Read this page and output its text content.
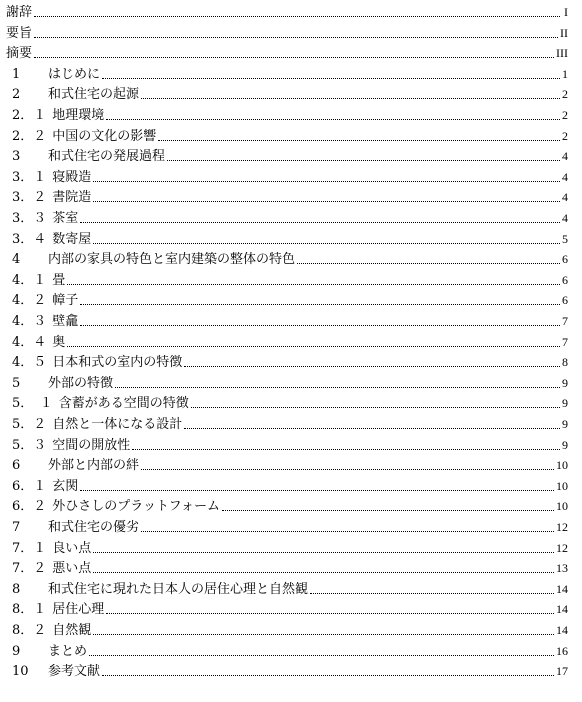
謝辞	I
要旨	II
摘要	III
1 はじめに	1
2 和式住宅の起源	2
2．１ 地理環境	2
2．２ 中国の文化の影響	2
3 和式住宅の発展過程	4
3．１ 寝殿造	4
3．２ 書院造	4
3．３ 茶室	4
3．４ 数寄屋	5
4 内部の家具の特色と室内建築の整体の特色	6
4．１ 畳	6
4．２ 幛子	6
4．３ 壁龕	7
4．４ 奥	7
4．５ 日本和式の室内の特徴	8
5 外部の特徴	9
5．　１ 含蓄がある空間の特徴	9
5．２ 自然と一体になる設計	9
5．３ 空間の開放性	9
6 外部と内部の絆	10
6．１ 玄関	10
6．２ 外ひさしのプラットフォーム	10
7 和式住宅の優劣	12
7．１ 良い点	12
7．２ 悪い点	13
8 和式住宅に現れた日本人の居住心理と自然観	14
8．１ 居住心理	14
8．２ 自然観	14
9 まとめ	16
10 参考文献	17
